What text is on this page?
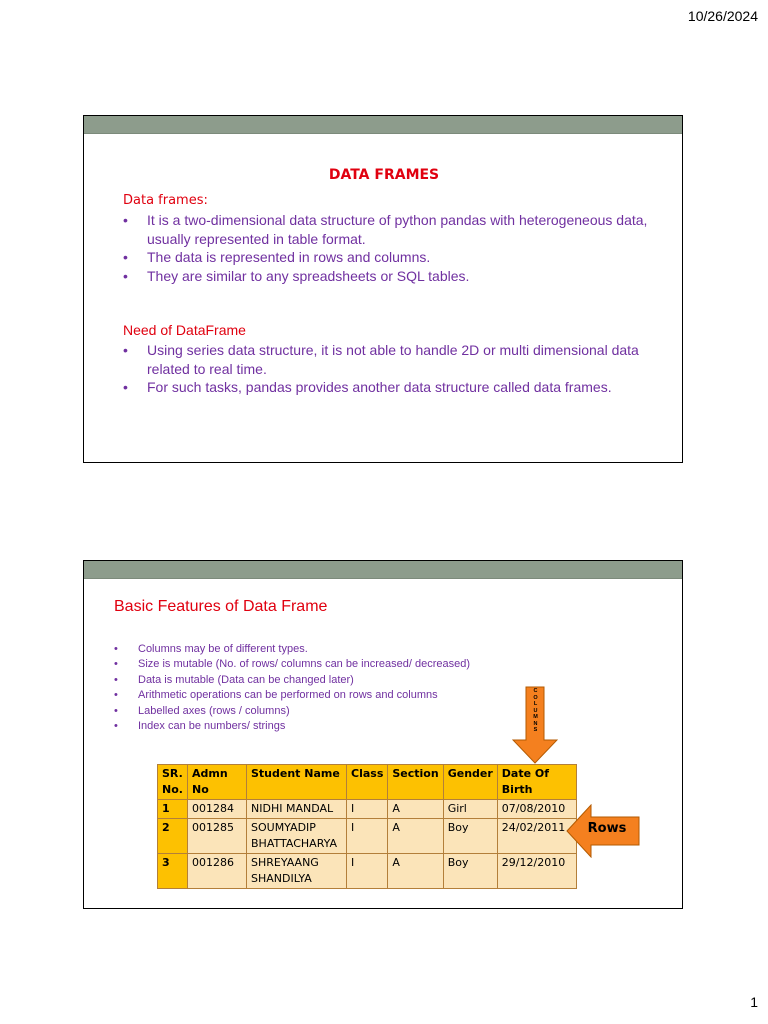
10/26/2024
DATA FRAMES
Data frames:
• It is a two-dimensional data structure of python pandas with heterogeneous data, usually represented in table format.
• The data is represented in rows and columns.
• They are similar to any spreadsheets or SQL tables.
Need of DataFrame
• Using series data structure, it is not able to handle 2D or multi dimensional data related to real time.
• For such tasks, pandas provides another data structure called data frames.
Basic Features of Data Frame
• Columns may be of different types.
• Size is mutable (No. of rows/ columns can be increased/ decreased)
• Data is mutable (Data can be changed later)
• Arithmetic operations can be performed on rows and columns
• Labelled axes (rows / columns)
• Index can be numbers/ strings
SR. No.	Admn No	Student Name	Class	Section	Gender	Date Of Birth
1	001284	NIDHI MANDAL	I	A	Girl	07/08/2010
2	001285	SOUMYADIP BHATTACHARYA	I	A	Boy	24/02/2011
3	001286	SHREYAANG SHANDILYA	I	A	Boy	29/12/2010
COLUMNS
Rows
1
